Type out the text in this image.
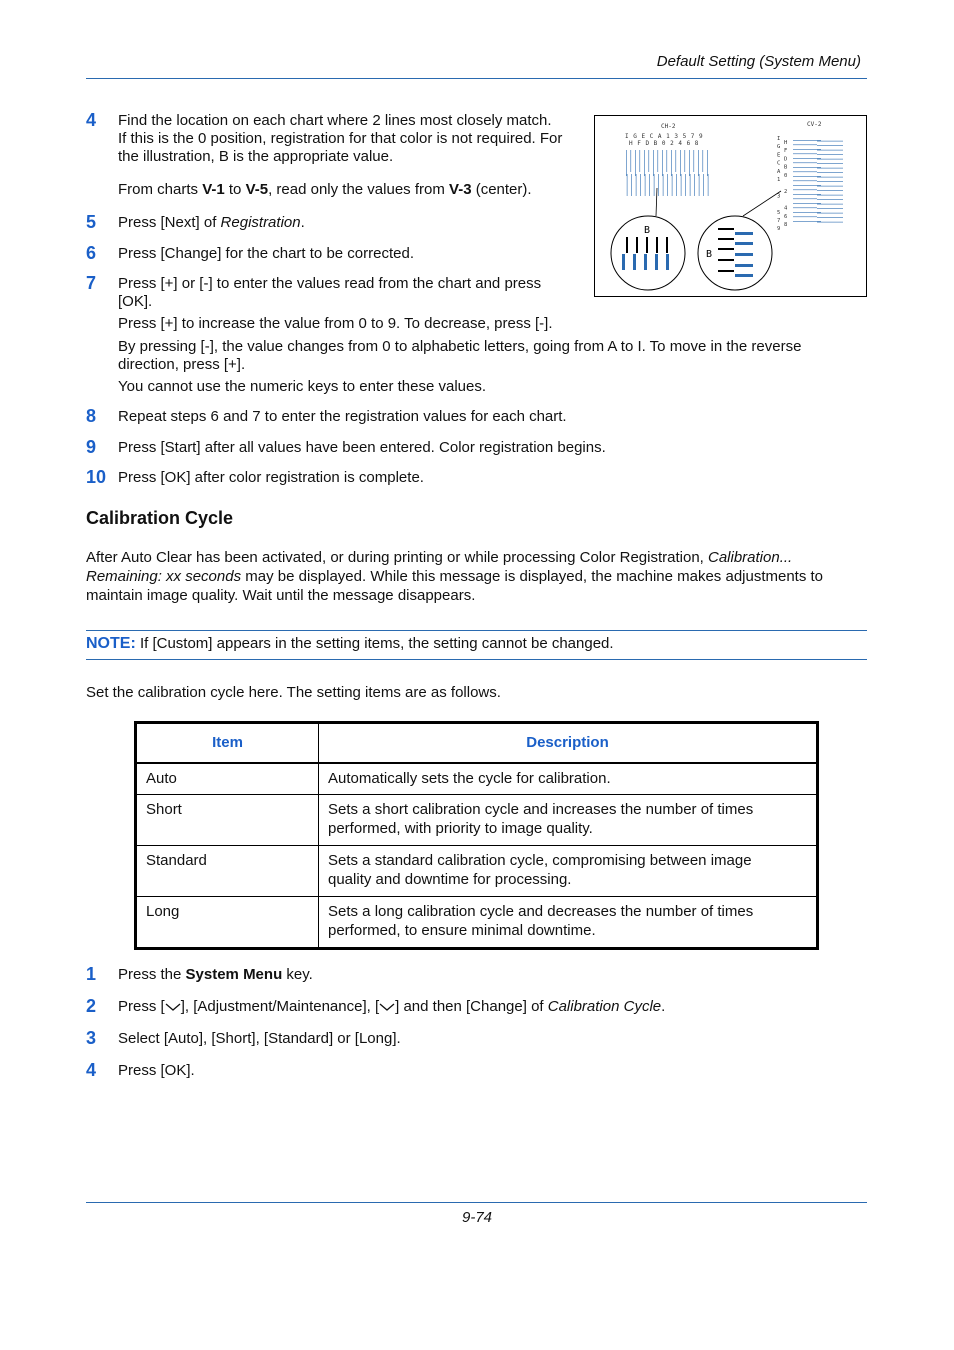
Default Setting (System Menu)
4 Find the location on each chart where 2 lines most closely match.
If this is the 0 position, registration for that color is not required. For
the illustration, B is the appropriate value.
From charts V-1 to V-5, read only the values from V-3 (center).
CH-2
I G E C A 1 3 5 7 9
H F D B 0 2 4 6 8
CV-2
I
G
E
C
A
1
3
5
7
9
H
F
D
B
0
2
4
6
8
B
B
5 Press [Next] of Registration.
6 Press [Change] for the chart to be corrected.
7 Press [+] or [-] to enter the values read from the chart and press
[OK].
Press [+] to increase the value from 0 to 9. To decrease, press [-].
By pressing [-], the value changes from 0 to alphabetic letters, going from A to I. To move in the reverse
direction, press [+].
You cannot use the numeric keys to enter these values.
8 Repeat steps 6 and 7 to enter the registration values for each chart.
9 Press [Start] after all values have been entered. Color registration begins.
10 Press [OK] after color registration is complete.
Calibration Cycle
After Auto Clear has been activated, or during printing or while processing Color Registration, Calibration...
Remaining: xx seconds may be displayed. While this message is displayed, the machine makes adjustments to
maintain image quality. Wait until the message disappears.
NOTE: If [Custom] appears in the setting items, the setting cannot be changed.
Set the calibration cycle here. The setting items are as follows.
Item	Description
Auto	Automatically sets the cycle for calibration.

Short	Sets a short calibration cycle and increases the number of times
performed, with priority to image quality.

Standard	Sets a standard calibration cycle, compromising between image
quality and downtime for processing.

Long	Sets a long calibration cycle and decreases the number of times
performed, to ensure minimal downtime.
1 Press the System Menu key.
2 Press [ ], [Adjustment/Maintenance], [ ] and then [Change] of Calibration Cycle.
3 Select [Auto], [Short], [Standard] or [Long].
4 Press [OK].
9-74
